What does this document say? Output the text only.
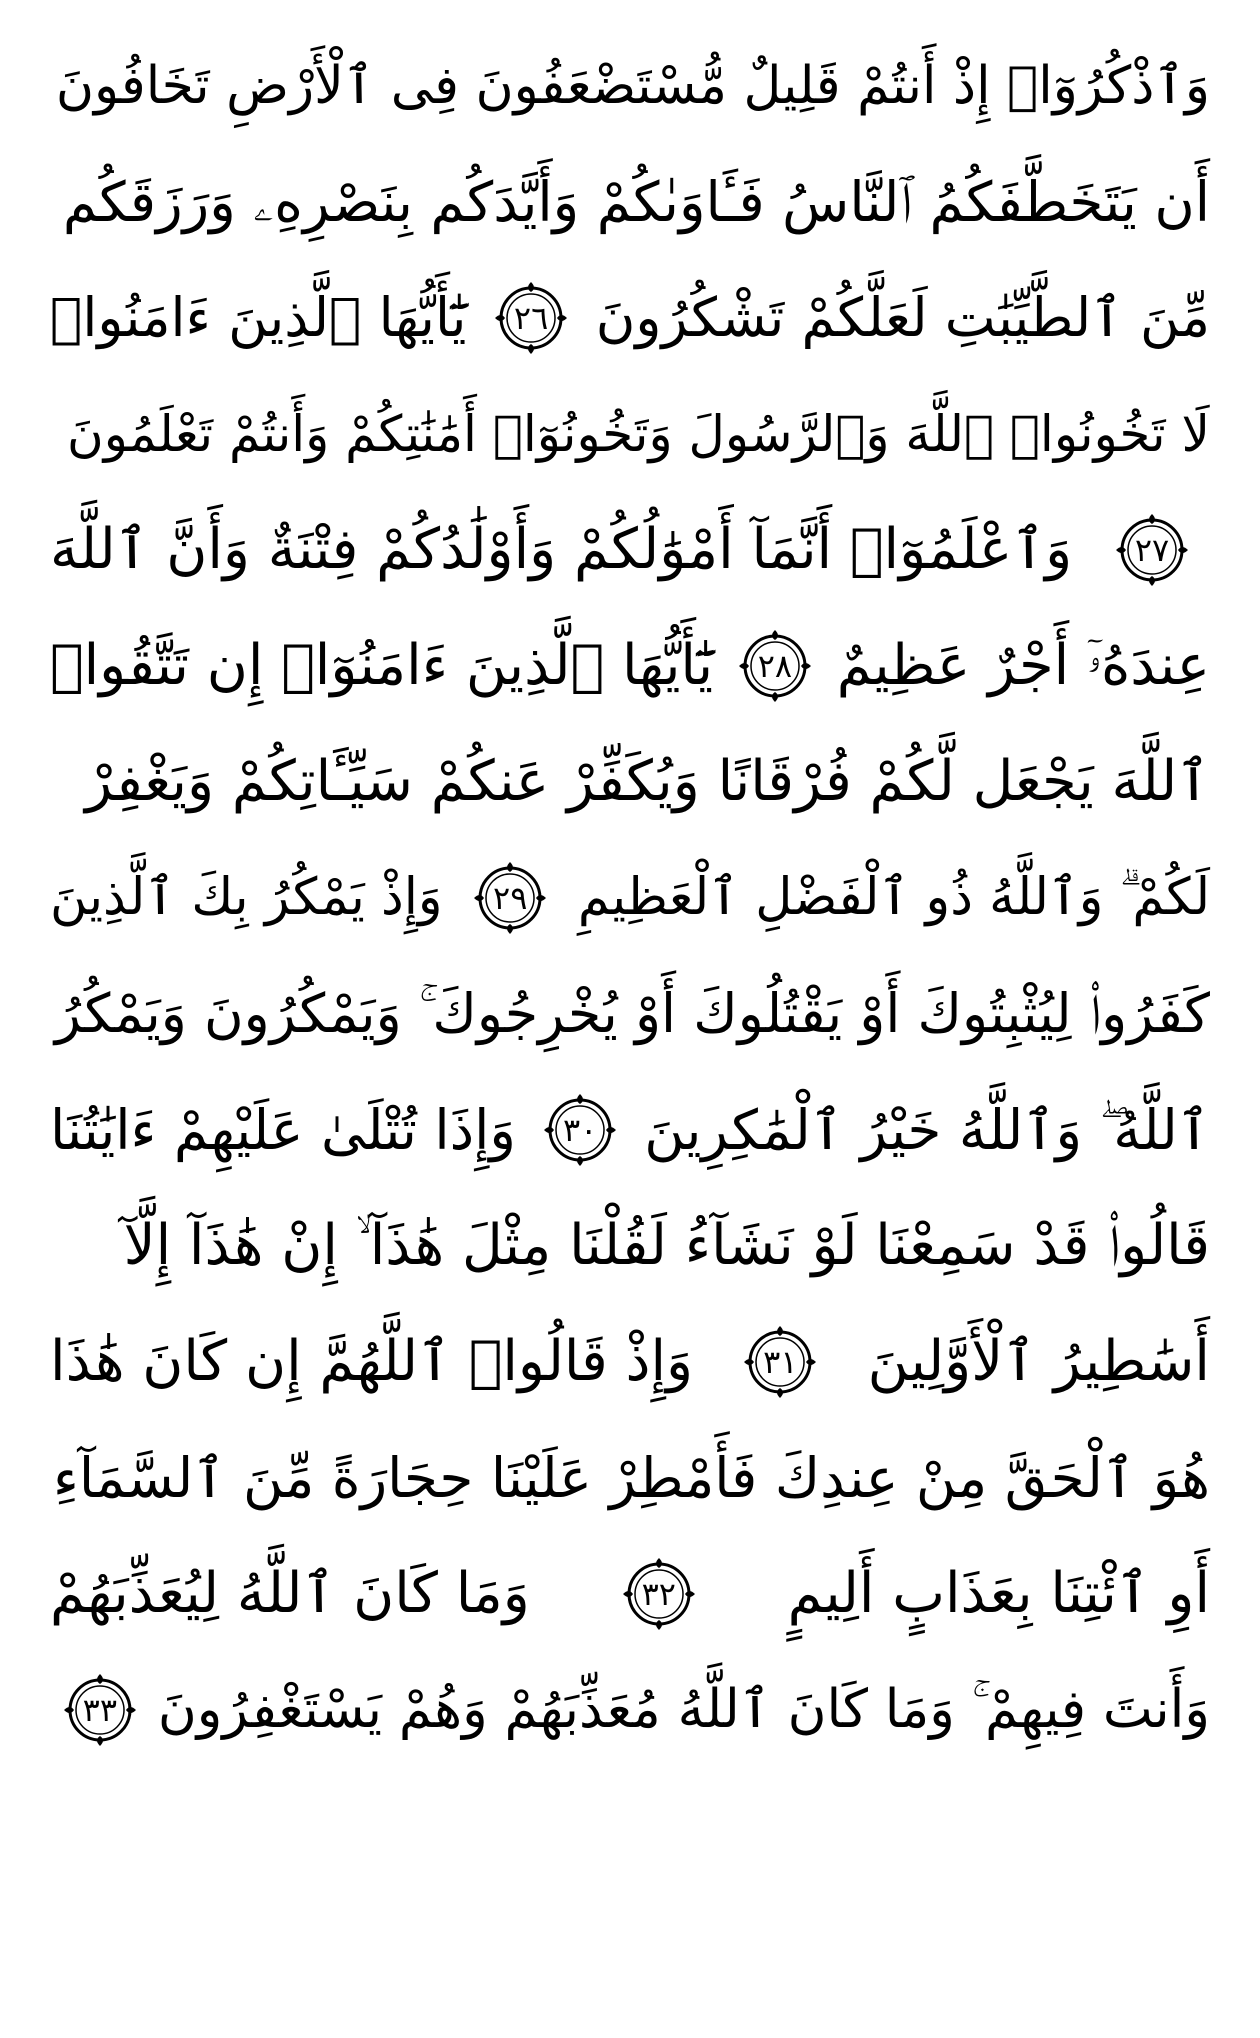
وَٱذْكُرُوٓا۟ إِذْ أَنتُمْ قَلِيلٌ مُّسْتَضْعَفُونَ فِى ٱلْأَرْضِ تَخَافُونَ
أَن يَتَخَطَّفَكُمُ ٱلنَّاسُ فَـَٔاوَىٰكُمْ وَأَيَّدَكُم بِنَصْرِهِۦ وَرَزَقَكُم
مِّنَ ٱلطَّيِّبَٰتِ لَعَلَّكُمْ تَشْكُرُونَ
٢٦
يَٰٓأَيُّهَا ٱلَّذِينَ ءَامَنُوا۟
لَا تَخُونُوا۟ ٱللَّهَ وَٱلرَّسُولَ وَتَخُونُوٓا۟ أَمَٰنَٰتِكُمْ وَأَنتُمْ تَعْلَمُونَ
٢٧
وَٱعْلَمُوٓا۟ أَنَّمَآ أَمْوَٰلُكُمْ وَأَوْلَٰدُكُمْ فِتْنَةٌ وَأَنَّ ٱللَّهَ
عِندَهُۥٓ أَجْرٌ عَظِيمٌ
٢٨
يَٰٓأَيُّهَا ٱلَّذِينَ ءَامَنُوٓا۟ إِن تَتَّقُوا۟
ٱللَّهَ يَجْعَل لَّكُمْ فُرْقَانًا وَيُكَفِّرْ عَنكُمْ سَيِّـَٔاتِكُمْ وَيَغْفِرْ
لَكُمْ ۗ وَٱللَّهُ ذُو ٱلْفَضْلِ ٱلْعَظِيمِ
٢٩
وَإِذْ يَمْكُرُ بِكَ ٱلَّذِينَ
كَفَرُوا۟ لِيُثْبِتُوكَ أَوْ يَقْتُلُوكَ أَوْ يُخْرِجُوكَ ۚ وَيَمْكُرُونَ وَيَمْكُرُ
ٱللَّهُ ۖ وَٱللَّهُ خَيْرُ ٱلْمَٰكِرِينَ
٣٠
وَإِذَا تُتْلَىٰ عَلَيْهِمْ ءَايَٰتُنَا
قَالُوا۟ قَدْ سَمِعْنَا لَوْ نَشَآءُ لَقُلْنَا مِثْلَ هَٰذَآ ۙ إِنْ هَٰذَآ إِلَّآ
أَسَٰطِيرُ ٱلْأَوَّلِينَ
٣١
وَإِذْ قَالُوا۟ ٱللَّهُمَّ إِن كَانَ هَٰذَا
هُوَ ٱلْحَقَّ مِنْ عِندِكَ فَأَمْطِرْ عَلَيْنَا حِجَارَةً مِّنَ ٱلسَّمَآءِ
أَوِ ٱئْتِنَا بِعَذَابٍ أَلِيمٍ
٣٢
وَمَا كَانَ ٱللَّهُ لِيُعَذِّبَهُمْ
وَأَنتَ فِيهِمْ ۚ وَمَا كَانَ ٱللَّهُ مُعَذِّبَهُمْ وَهُمْ يَسْتَغْفِرُونَ
٣٣
